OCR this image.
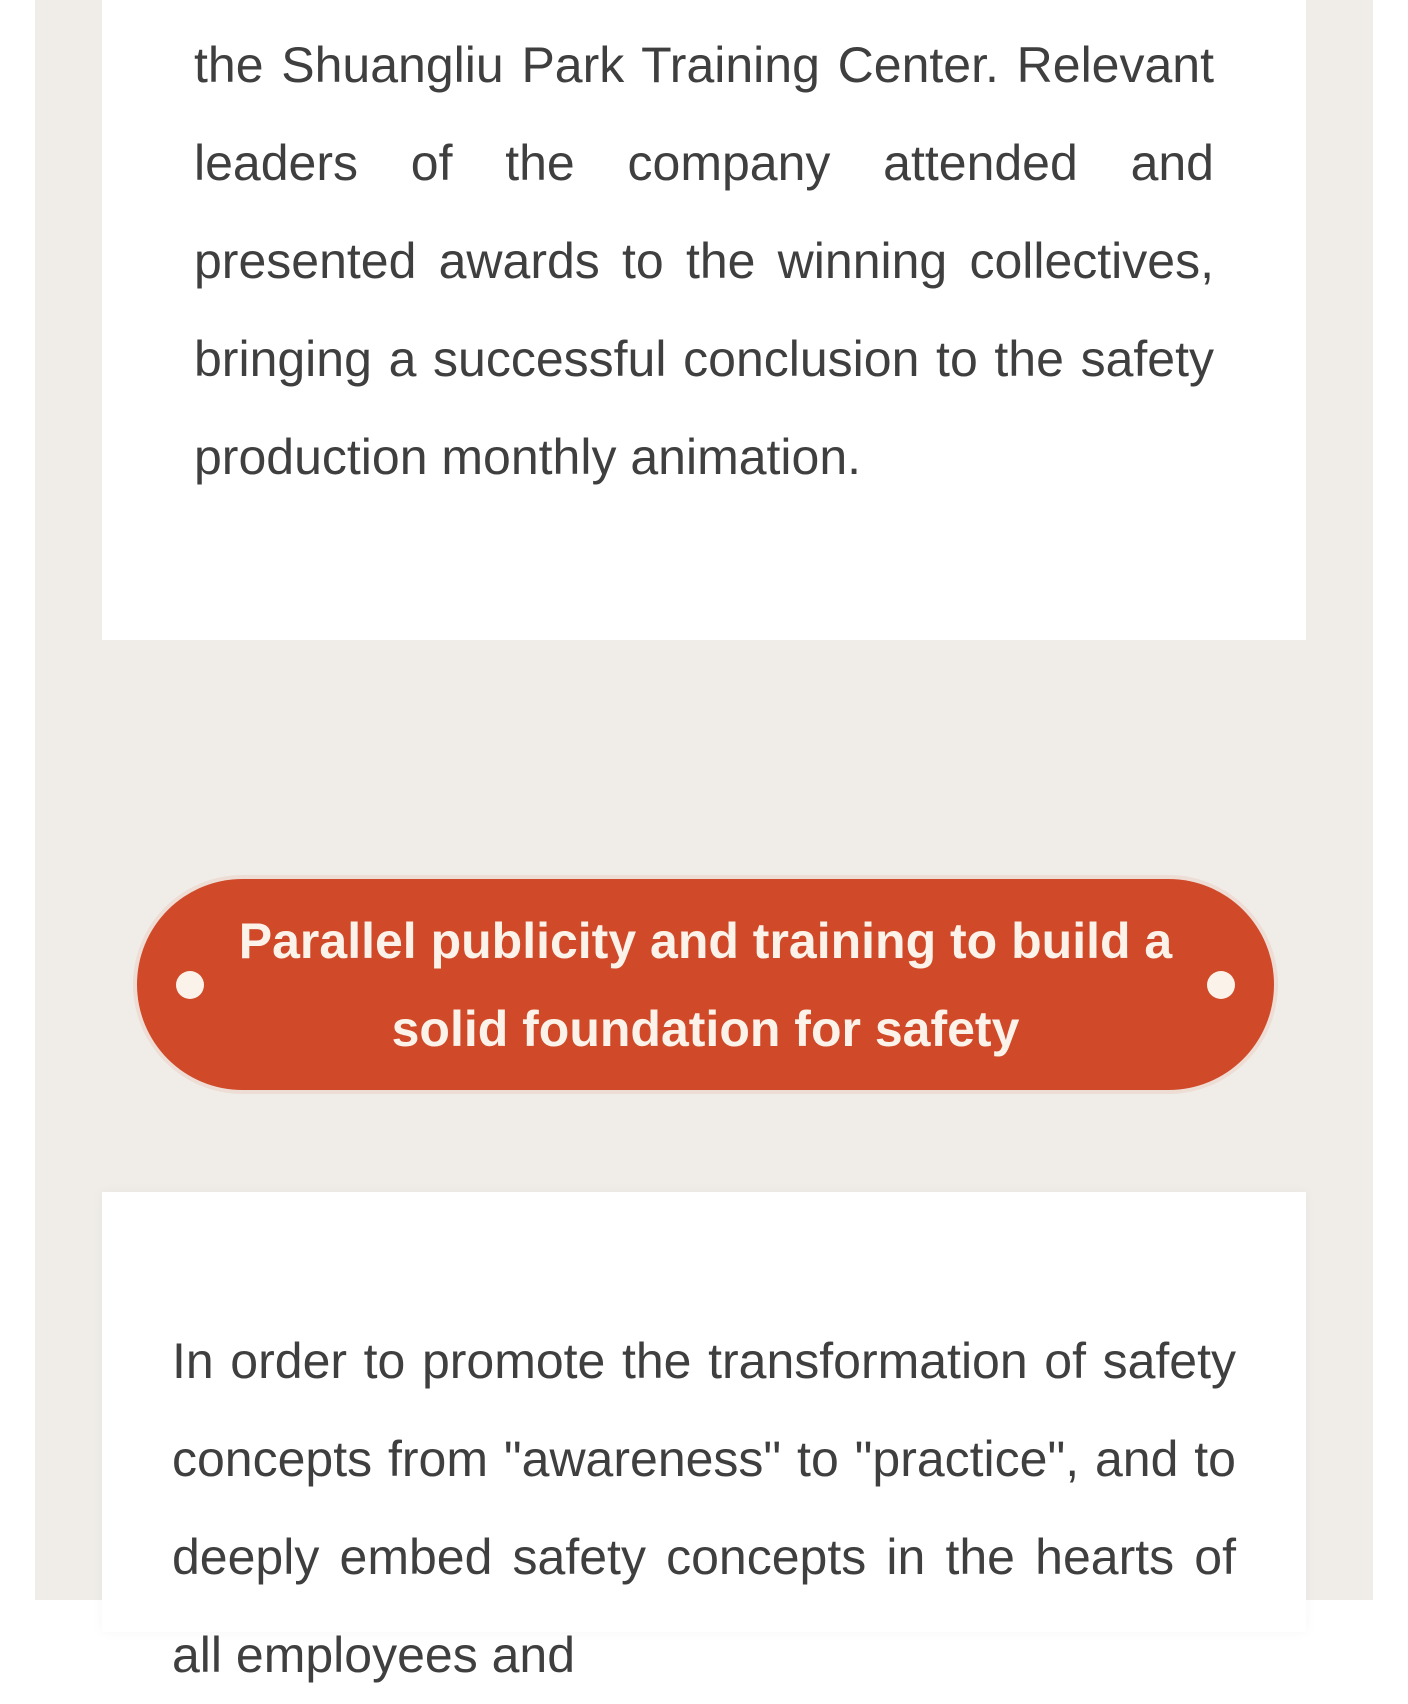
the Shuangliu Park Training Center. Relevant leaders of the company attended and presented awards to the winning collectives, bringing a successful conclusion to the safety production monthly animation.

Parallel publicity and training to build a solid foundation for safety

In order to promote the transformation of safety concepts from "awareness" to "practice", and to deeply embed safety concepts in the hearts of all employees and
